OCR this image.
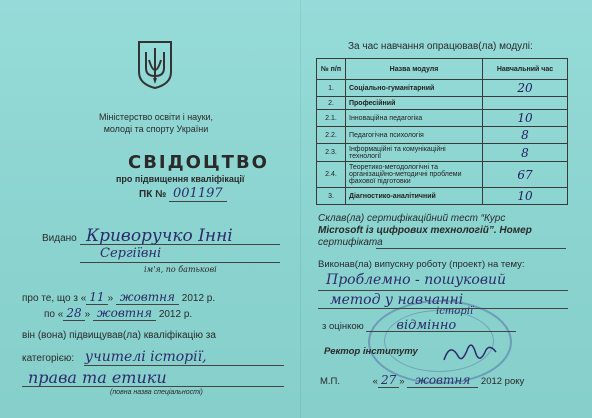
Міністерство освіти і науки,
молоді та спорту України
СВІДОЦТВО
про підвищення кваліфікації
ПК № 001197
Видано Криворучко Інні
Сергіївні
ім'я, по батькові
про те, що з « 11 » жовтня 2012 р.
по « 28 » жовтня 2012 р.
він (вона) підвищував(ла) кваліфікацію за
категорією: учителі історії,
права та етики
(повна назва спеціальності)
За час навчання опрацював(ла) модулі:
№ п/п	Назва модуля	Навчальний час
1.	Соціально-гуманітарний	20
2.	Професійний	
2.1.	Інноваційна педагогіка	10
2.2.	Педагогічна психологія	8
2.3.	Інформаційні та комунікаційні технології	8
2.4.	Теоретико-методологічні та організаційно-методичні проблеми фахової підготовки	67
3.	Діагностико-аналітичний	10
Склав(ла) сертифікаційний тест “Курс
Microsoft із цифрових технологій”. Номер
сертифіката
Виконав(ла) випускну роботу (проект) на тему:
Проблемно - пошуковий
метод у навчанні
історії
з оцінкою	відмінно
Ректор інституту
М.П.	« 27 » жовтня 2012 року
